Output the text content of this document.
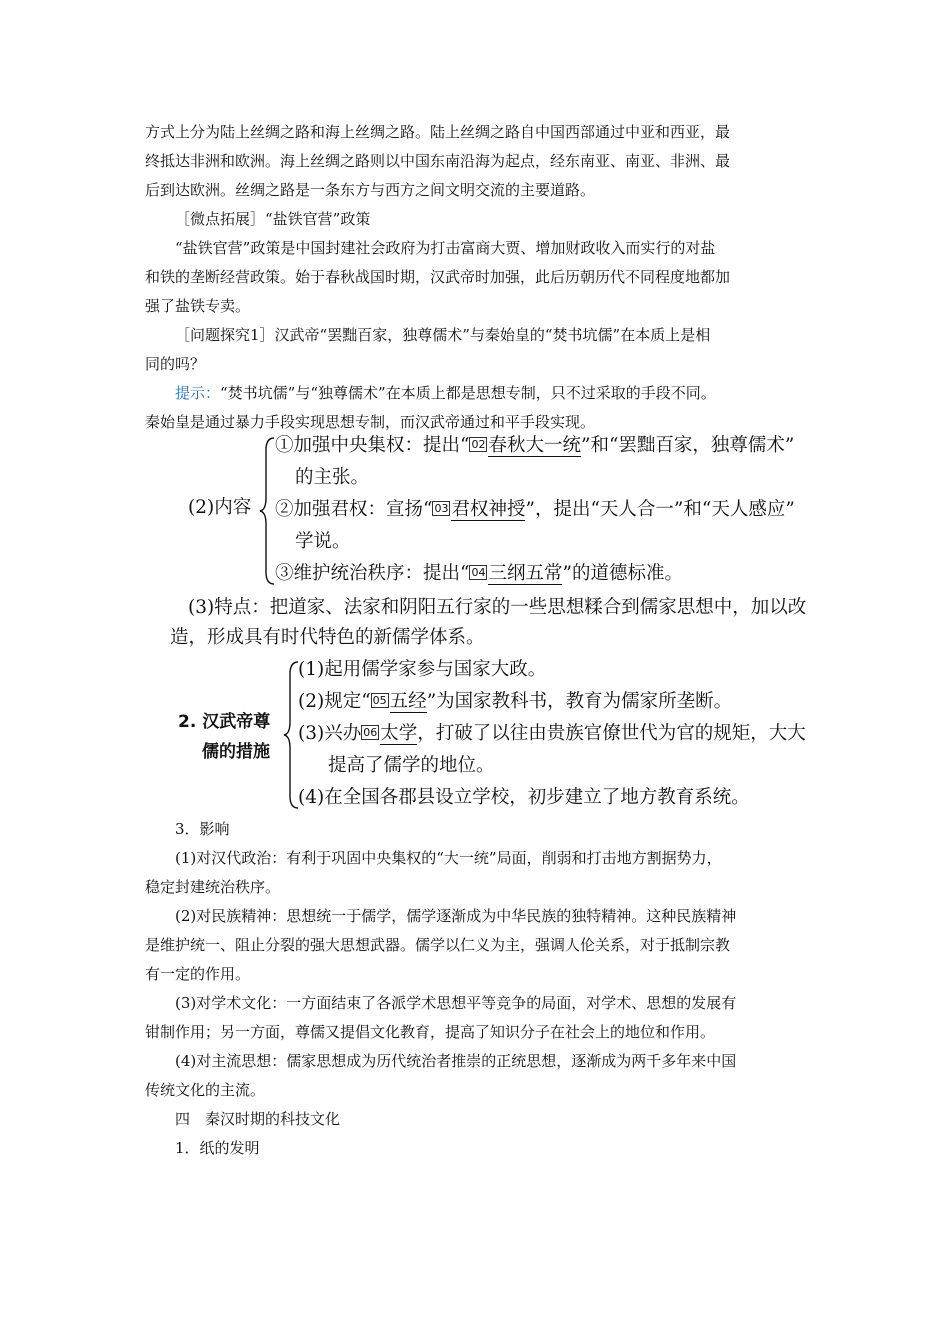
方式上分为陆上丝绸之路和海上丝绸之路。陆上丝绸之路自中国西部通过中亚和西亚，最

终抵达非洲和欧洲。海上丝绸之路则以中国东南沿海为起点，经东南亚、南亚、非洲、最

后到达欧洲。丝绸之路是一条东方与西方之间文明交流的主要道路。

［微点拓展］“盐铁官营”政策

“盐铁官营”政策是中国封建社会政府为打击富商大贾、增加财政收入而实行的对盐

和铁的垄断经营政策。始于春秋战国时期，汉武帝时加强，此后历朝历代不同程度地都加

强了盐铁专卖。

［问题探究1］汉武帝“罢黜百家，独尊儒术”与秦始皇的“焚书坑儒”在本质上是相

同的吗？

提示：“焚书坑儒”与“独尊儒术”在本质上都是思想专制，只不过采取的手段不同。

秦始皇是通过暴力手段实现思想专制，而汉武帝通过和平手段实现。

(2)内容

①加强中央集权：提出“ 02 春秋大一统”和“罢黜百家，独尊儒术”

的主张。

②加强君权：宣扬“ 03 君权神授”，提出“天人合一”和“天人感应”

学说。

③维护统治秩序：提出“ 04 三纲五常”的道德标准。

(3)特点：把道家、法家和阴阳五行家的一些思想糅合到儒家思想中，加以改

造，形成具有时代特色的新儒学体系。

2. 汉武帝尊

儒的措施

(1)起用儒学家参与国家大政。

(2)规定“ 05 五经”为国家教科书，教育为儒家所垄断。

(3)兴办 06 太学，打破了以往由贵族官僚世代为官的规矩，大大

提高了儒学的地位。

(4)在全国各郡县设立学校，初步建立了地方教育系统。

3．影响

(1)对汉代政治：有利于巩固中央集权的“大一统”局面，削弱和打击地方割据势力，

稳定封建统治秩序。

(2)对民族精神：思想统一于儒学，儒学逐渐成为中华民族的独特精神。这种民族精神

是维护统一、阻止分裂的强大思想武器。儒学以仁义为主，强调人伦关系，对于抵制宗教

有一定的作用。

(3)对学术文化：一方面结束了各派学术思想平等竞争的局面，对学术、思想的发展有

钳制作用；另一方面，尊儒又提倡文化教育，提高了知识分子在社会上的地位和作用。

(4)对主流思想：儒家思想成为历代统治者推崇的正统思想，逐渐成为两千多年来中国

传统文化的主流。

四　秦汉时期的科技文化

1．纸的发明
